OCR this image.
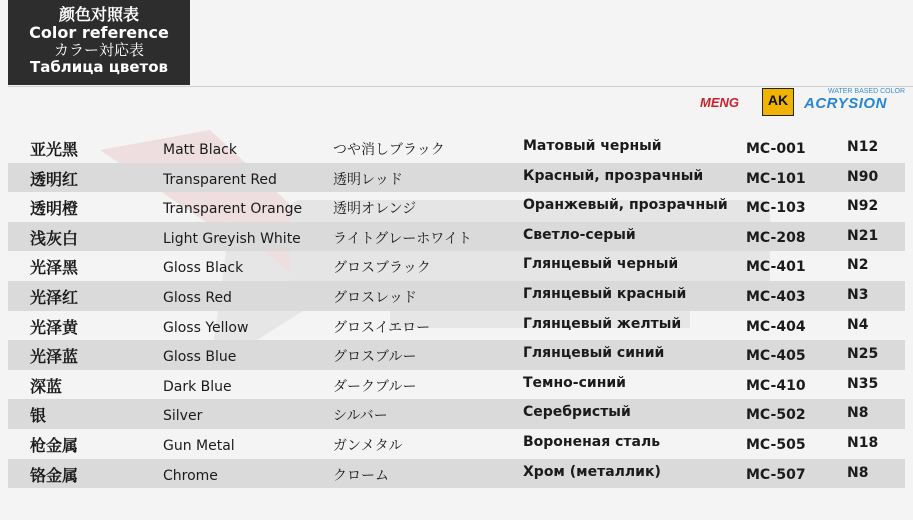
颜色对照表
Color reference
カラー対応表
Таблица цветов
MENG	AK
WATER BASED COLOR
ACRYSION
亚光黑	Matt Black	つや消しブラック	Матовый черный	MC-001	N12
透明红	Transparent Red	透明レッド	Красный, прозрачный	MC-101	N90
透明橙	Transparent Orange 透明オレンジ	Оранжевый, прозрачный MC-103	N92
浅灰白	Light Greyish White ライトグレーホワイト	Светло-серый	MC-208	N21
光泽黑	Gloss Black	グロスブラック	Глянцевый черный	MC-401	N2
光泽红	Gloss Red	グロスレッド	Глянцевый красный	MC-403	N3
光泽黄	Gloss Yellow	グロスイエロー	Глянцевый желтый	MC-404	N4
光泽蓝	Gloss Blue	グロスブルー	Глянцевый синий	MC-405	N25
深蓝	Dark Blue	ダークブルー	Темно-синий	MC-410	N35
银	Silver	シルバー	Серебристый	MC-502	N8
枪金属	Gun Metal	ガンメタル	Вороненая сталь	MC-505	N18
铬金属	Chrome	クローム	Хром (металлик)	MC-507	N8
